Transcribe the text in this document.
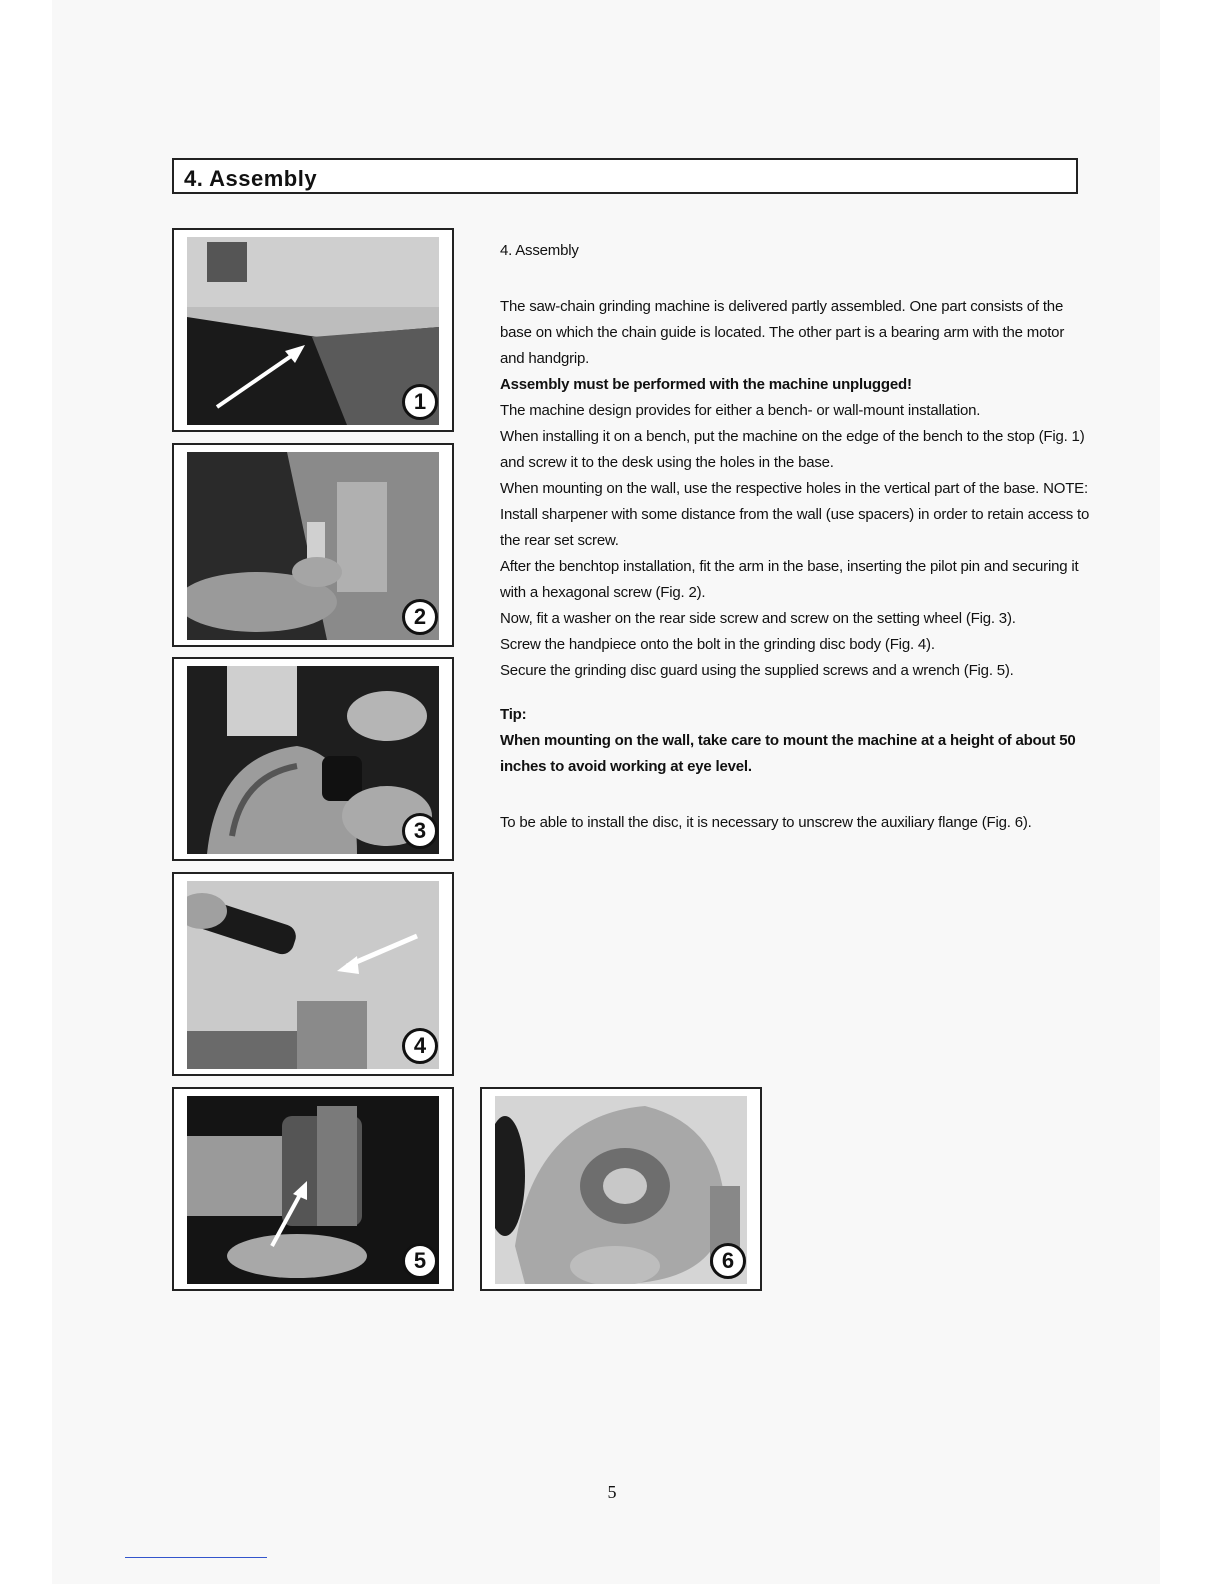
4. Assembly
1
2
3
4
5	6

4. Assembly

The saw-chain grinding machine is delivered partly assembled. One part consists of the base on which the chain guide is located. The other part is a bearing arm with the motor and handgrip.

Assembly must be performed with the machine unplugged!

The machine design provides for either a bench- or wall-mount installation.

When installing it on a bench, put the machine on the edge of the bench to the stop (Fig. 1) and screw it to the desk using the holes in the base.

When mounting on the wall, use the respective holes in the vertical part of the base. NOTE: Install sharpener with some distance from the wall (use spacers) in order to retain access to the rear set screw.

After the benchtop installation, fit the arm in the base, inserting the pilot pin and securing it with a hexagonal screw (Fig. 2).

Now, fit a washer on the rear side screw and screw on the setting wheel (Fig. 3).

Screw the handpiece onto the bolt in the grinding disc body (Fig. 4).

Secure the grinding disc guard using the supplied screws and a wrench (Fig. 5).

Tip:

When mounting on the wall, take care to mount the machine at a height of about 50 inches to avoid working at eye level.

To be able to install the disc, it is necessary to unscrew the auxiliary flange (Fig. 6).

5
